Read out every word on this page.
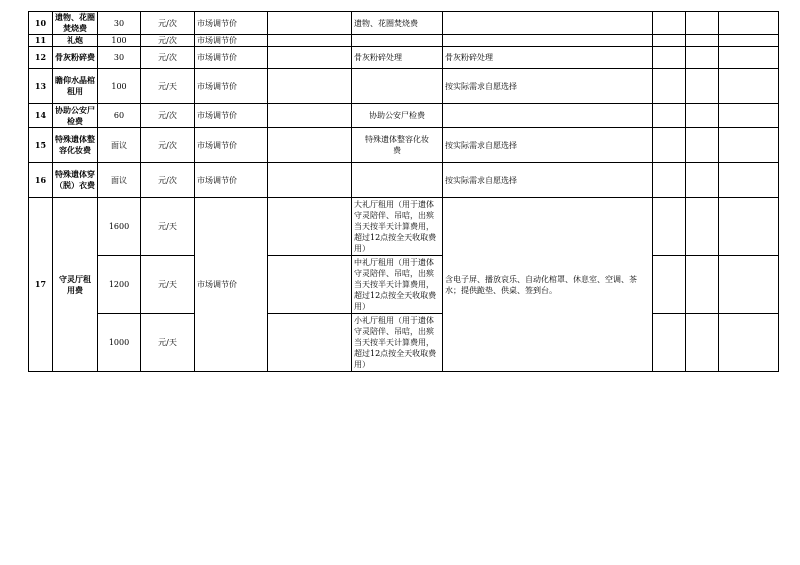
10	遗物、花圈焚烧费	30	元/次	市场调节价		遗物、花圈焚烧费				
11	礼炮	100	元/次	市场调节价						
12	骨灰粉碎费	30	元/次	市场调节价		骨灰粉碎处理	骨灰粉碎处理			
13	瞻仰水晶棺租用	100	元/天	市场调节价			按实际需求自愿选择			
14	协助公安尸检费	60	元/次	市场调节价		协助公安尸检费				
15	特殊遗体整容化妆费	面议	元/次	市场调节价		特殊遗体整容化妆费	按实际需求自愿选择			
16	特殊遗体穿（脱）衣费	面议	元/次	市场调节价			按实际需求自愿选择			
17	守灵厅租用费	1600	元/天	市场调节价		大礼厅租用（用于遗体守灵陪伴、吊唁，出殡当天按半天计算费用，超过12点按全天收取费用）	含电子屏、播放哀乐、自动化棺罩、休息室、空调、茶水；提供跪垫、供桌、签到台。			
		1200	元/天			中礼厅租用（用于遗体守灵陪伴、吊唁，出殡当天按半天计算费用，超过12点按全天收取费用）				
		1000	元/天			小礼厅租用（用于遗体守灵陪伴、吊唁，出殡当天按半天计算费用，超过12点按全天收取费用）				
